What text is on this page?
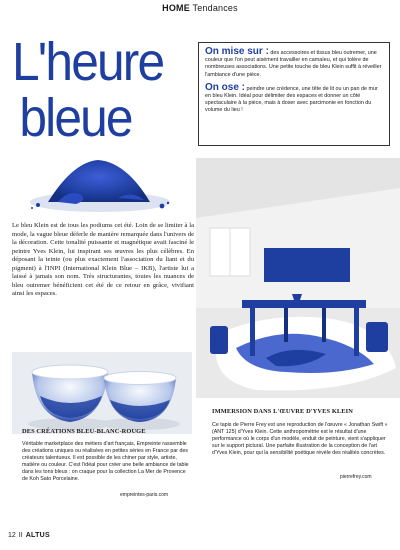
HOME Tendances
L'heure
bleue

On mise sur : des accessoires et tissus bleu outremer, une couleur que l'on peut aisément travailler en camaïeu, et qui tolère de nombreuses associations. Une petite touche de bleu Klein suffit à réveiller l'ambiance d'une pièce.

On ose : peindre une crédence, une tête de lit ou un pan de mur en bleu Klein. Idéal pour délimiter des espaces et donner un côté spectaculaire à la pièce, mais à doser avec parcimonie en fonction du volume du lieu !

Le bleu Klein est de tous les podiums cet été. Loin de se limiter à la mode, la vague bleue déferle de manière remarquée dans l'univers de la décoration. Cette tonalité puissante et magnétique avait fasciné le peintre Yves Klein, lui inspirant ses œuvres les plus célèbres. En déposant la teinte (ou plus exactement l'association du liant et du pigment) à l'INPI (International Klein Blue – IKB), l'artiste lui a laissé à jamais son nom. Très structurantes, toutes les nuances de bleu outremer bénéficient cet été de ce retour en grâce, vivifiant ainsi les espaces.
DES CRÉATIONS BLEU-BLANC-ROUGE
Véritable marketplace des métiers d'art français, Empreinte rassemble des créations uniques ou réalisées en petites séries en France par des créateurs talentueux. Il est possible de les chiner par style, artiste, matière ou couleur. C'est l'idéal pour créer une belle ambiance de table dans les tons bleus : on craque pour la collection La Mer de Provence de Koh Sato Porcelaine.
empreintes-paris.com
IMMERSION DANS L'ŒUVRE D'YVES KLEIN
Ce tapis de Pierre Frey est une reproduction de l'œuvre « Jonathan Swift » (ANT 125) d'Yves Klein. Cette anthropométrie est le résultat d'une performance où le corps d'un modèle, enduit de peinture, vient s'appliquer sur le support pictural. Une parfaite illustration de la conception de l'art d'Yves Klein, pour qui la sensibilité poétique révèle des réalités concrètes.
pierrefrey.com
12 II ALTUS
